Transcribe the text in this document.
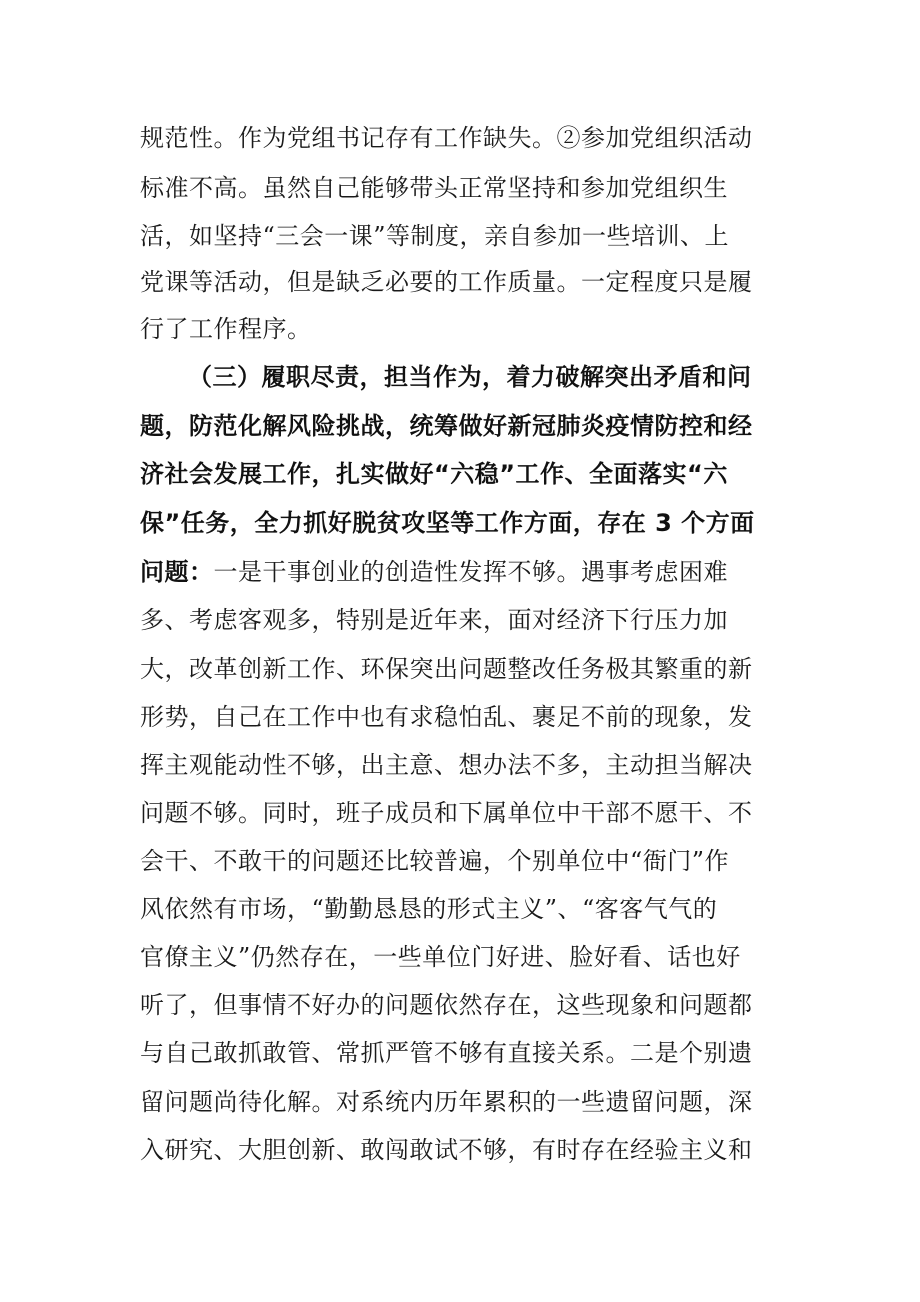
规范性。作为党组书记存有工作缺失。②参加党组织活动
标准不高。虽然自己能够带头正常坚持和参加党组织生
活，如坚持“三会一课”等制度，亲自参加一些培训、上
党课等活动，但是缺乏必要的工作质量。一定程度只是履
行了工作程序。
（三）履职尽责，担当作为，着力破解突出矛盾和问
题，防范化解风险挑战，统筹做好新冠肺炎疫情防控和经
济社会发展工作，扎实做好“六稳”工作、全面落实“六
保”任务，全力抓好脱贫攻坚等工作方面，存在 3 个方面
问题：一是干事创业的创造性发挥不够。遇事考虑困难
多、考虑客观多，特别是近年来，面对经济下行压力加
大，改革创新工作、环保突出问题整改任务极其繁重的新
形势，自己在工作中也有求稳怕乱、裹足不前的现象，发
挥主观能动性不够，出主意、想办法不多，主动担当解决
问题不够。同时，班子成员和下属单位中干部不愿干、不
会干、不敢干的问题还比较普遍，个别单位中“衙门”作
风依然有市场，“勤勤恳恳的形式主义”、“客客气气的
官僚主义”仍然存在，一些单位门好进、脸好看、话也好
听了，但事情不好办的问题依然存在，这些现象和问题都
与自己敢抓敢管、常抓严管不够有直接关系。二是个别遗
留问题尚待化解。对系统内历年累积的一些遗留问题，深
入研究、大胆创新、敢闯敢试不够，有时存在经验主义和
